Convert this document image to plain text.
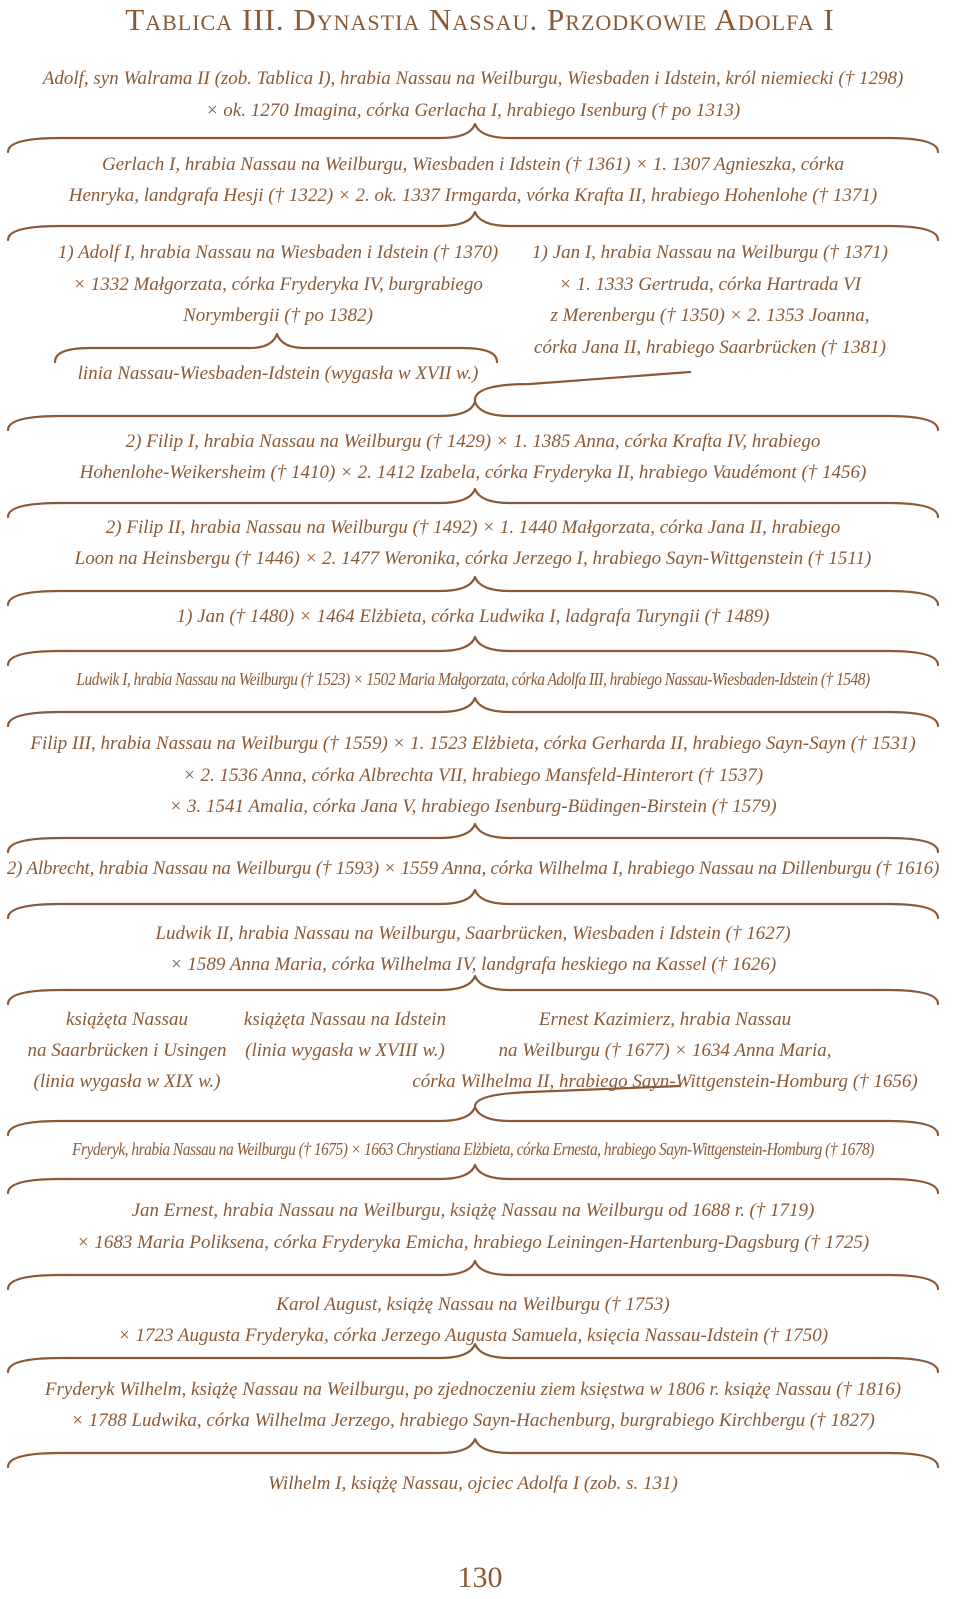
Tablica III. Dynastia Nassau. Przodkowie Adolfa I
Adolf, syn Walrama II (zob. Tablica I), hrabia Nassau na Weilburgu, Wiesbaden i Idstein, król niemiecki († 1298)
× ok. 1270 Imagina, córka Gerlacha I, hrabiego Isenburg († po 1313)
Gerlach I, hrabia Nassau na Weilburgu, Wiesbaden i Idstein († 1361) × 1. 1307 Agnieszka, córka
Henryka, landgrafa Hesji († 1322) × 2. ok. 1337 Irmgarda, vórka Krafta II, hrabiego Hohenlohe († 1371)
1) Adolf I, hrabia Nassau na Wiesbaden i Idstein († 1370)
× 1332 Małgorzata, córka Fryderyka IV, burgrabiego
Norymbergii († po 1382)
linia Nassau-Wiesbaden-Idstein (wygasła w XVII w.)
1) Jan I, hrabia Nassau na Weilburgu († 1371)
× 1. 1333 Gertruda, córka Hartrada VI
z Merenbergu († 1350) × 2. 1353 Joanna,
córka Jana II, hrabiego Saarbrücken († 1381)
2) Filip I, hrabia Nassau na Weilburgu († 1429) × 1. 1385 Anna, córka Krafta IV, hrabiego
Hohenlohe-Weikersheim († 1410) × 2. 1412 Izabela, córka Fryderyka II, hrabiego Vaudémont († 1456)
2) Filip II, hrabia Nassau na Weilburgu († 1492) × 1. 1440 Małgorzata, córka Jana II, hrabiego
Loon na Heinsbergu († 1446) × 2. 1477 Weronika, córka Jerzego I, hrabiego Sayn-Wittgenstein († 1511)
1) Jan († 1480) × 1464 Elżbieta, córka Ludwika I, ladgrafa Turyngii († 1489)
Ludwik I, hrabia Nassau na Weilburgu († 1523) × 1502 Maria Małgorzata, córka Adolfa III, hrabiego Nassau-Wiesbaden-Idstein († 1548)
Filip III, hrabia Nassau na Weilburgu († 1559) × 1. 1523 Elżbieta, córka Gerharda II, hrabiego Sayn-Sayn († 1531)
× 2. 1536 Anna, córka Albrechta VII, hrabiego Mansfeld-Hinterort († 1537)
× 3. 1541 Amalia, córka Jana V, hrabiego Isenburg-Büdingen-Birstein († 1579)
2) Albrecht, hrabia Nassau na Weilburgu († 1593) × 1559 Anna, córka Wilhelma I, hrabiego Nassau na Dillenburgu († 1616)
Ludwik II, hrabia Nassau na Weilburgu, Saarbrücken, Wiesbaden i Idstein († 1627)
× 1589 Anna Maria, córka Wilhelma IV, landgrafa heskiego na Kassel († 1626)
książęta Nassau
na Saarbrücken i Usingen
(linia wygasła w XIX w.)
książęta Nassau na Idstein
(linia wygasła w XVIII w.)
Ernest Kazimierz, hrabia Nassau
na Weilburgu († 1677) × 1634 Anna Maria,
córka Wilhelma II, hrabiego Sayn-Wittgenstein-Homburg († 1656)
Fryderyk, hrabia Nassau na Weilburgu († 1675) × 1663 Chrystiana Elżbieta, córka Ernesta, hrabiego Sayn-Wittgenstein-Homburg († 1678)
Jan Ernest, hrabia Nassau na Weilburgu, książę Nassau na Weilburgu od 1688 r. († 1719)
× 1683 Maria Poliksena, córka Fryderyka Emicha, hrabiego Leiningen-Hartenburg-Dagsburg († 1725)
Karol August, książę Nassau na Weilburgu († 1753)
× 1723 Augusta Fryderyka, córka Jerzego Augusta Samuela, księcia Nassau-Idstein († 1750)
Fryderyk Wilhelm, książę Nassau na Weilburgu, po zjednoczeniu ziem księstwa w 1806 r. książę Nassau († 1816)
× 1788 Ludwika, córka Wilhelma Jerzego, hrabiego Sayn-Hachenburg, burgrabiego Kirchbergu († 1827)
Wilhelm I, książę Nassau, ojciec Adolfa I (zob. s. 131)
130
